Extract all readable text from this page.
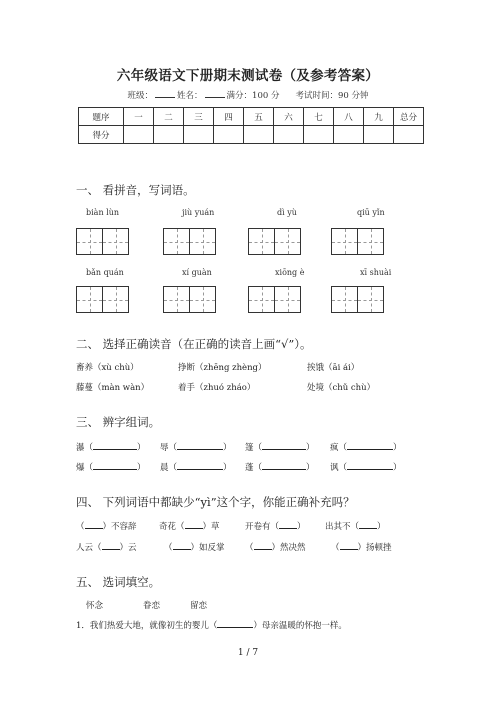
六年级语文下册期末测试卷（及参考答案）
班级：	姓名：	满分：100 分 考试时间：90 分钟
题序	一	二	三	四	五	六	七	八	九	总分
得分										
一、 看拼音，写词语。
biàn lùn	jiù yuán	dì yù	qiū yǐn
bǎn quán	xí guàn	xiōng è	xī shuài
二、 选择正确读音（在正确的读音上画“√”）。
畜养（xù chù）	挣断（zhēng zhèng）	挨饿（āi ái）
藤蔓（màn wàn）	着手（zhuó zháo）	处境（chǔ chù）
三、 辨字组词。
瀑（	） 辱（	） 篷（	） 疯（	）
爆（	） 晨（	） 蓬（	） 讽（	）
四、 下列词语中都缺少“yì”这个字，你能正确补充吗？
（ ）不容辞	奇花（ ）草	开卷有（ ） 出其不（ ）
人云（ ）云	（ ）如反掌 （ ）然决然	（ ）扬顿挫
五、 选词填空。
怀念	眷恋	留恋
1．我们热爱大地，就像初生的婴儿（	）母亲温暖的怀抱一样。
1 / 7
